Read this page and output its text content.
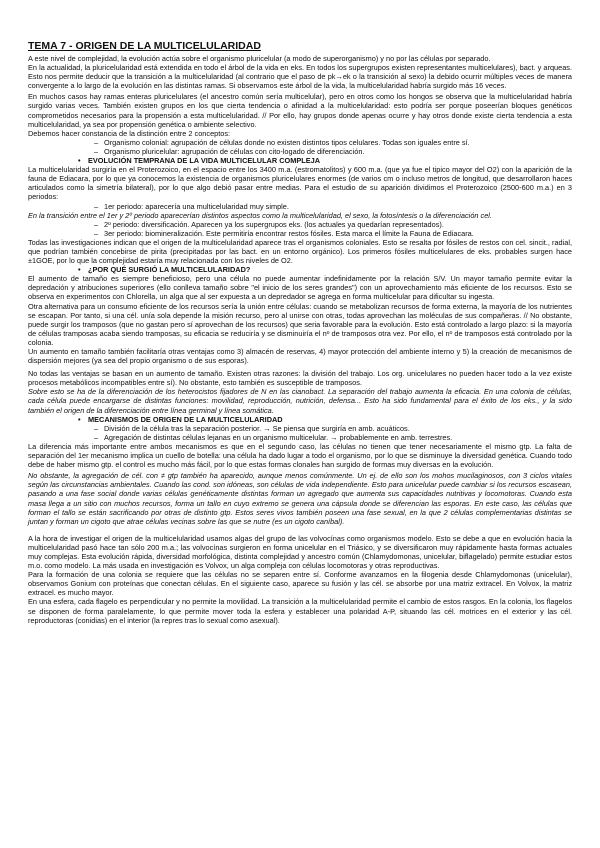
TEMA 7 - ORIGEN DE LA MULTICELULARIDAD

A este nivel de complejidad, la evolución actúa sobre el organismo pluricelular (a modo de superorganismo) y no por las células por separado.

En la actualidad, la pluricelularidad está extendida en todo el árbol de la vida en eks. En todos los supergrupos existen representantes multicelulares), bact. y arqueas. Esto nos permite deducir que la transición a la multicelularidad (al contrario que el paso de pk→ek o la transición al sexo) la debido ocurrir múltiples veces de manera convergente a lo largo de la evolución en las distintas ramas. Si observamos este árbol de la vida, la multicelularidad habría surgido más 16 veces.

En muchos casos hay ramas enteras pluricelulares (el ancestro común sería multicelular), pero en otros como los hongos se observa que la multicelularidad habría surgido varias veces. También existen grupos en los que cierta tendencia o afinidad a la multicelularidad: esto podría ser porque poseerían bloques genéticos comprometidos necesarios para la propensión a esta multicelularidad. // Por ello, hay grupos donde apenas ocurre y hay otros donde existe cierta tendencia a esta multicelularidad, ya sea por propensión genética o ambiente selectivo.

Debemos hacer constancia de la distinción entre 2 conceptos:

– Organismo colonial: agrupación de células donde no existen distintos tipos celulares. Todas son iguales entre sí.
– Organismo pluricelular: agrupación de células con cito-logado de diferenciación.
• EVOLUCIÓN TEMPRANA DE LA VIDA MULTICELULAR COMPLEJA

La multicelularidad surgiría en el Proterozoico, en el espacio entre los 3400 m.a. (estromatolitos) y 600 m.a. (que ya fue el tipico mayor del O2) con la aparición de la fauna de Ediacara, por lo que ya conocemos la existencia de organismos pluricelulares enormes (de varios cm o incluso metros de longitud, que desarrollaron haces articulados como la simetría bilateral), por lo que algo debió pasar entre medias. Para el estudio de su aparición dividimos el Proterozoico (2500-600 m.a.) en 3 periodos:

– 1er periodo: aparecería una multicelularidad muy simple.

En la transición entre el 1er y 2º periodo aparecerían distintos aspectos como la multicelularidad, el sexo, la fotosíntesis o la diferenciación cel.

– 2º periodo: diversificación. Aparecen ya los supergrupos eks. (los actuales ya quedarían representados).
– 3er periodo: biomineralización. Este permitiría encontrar restos fósiles. Esta marca el límite la Fauna de Ediacara.

Todas las investigaciones indican que el origen de la multicelularidad aparece tras el organismos coloniales. Esto se resalta por fósiles de restos con cel. sincit., radial, que podrían también concebirse de pirita (precipitadas por las bact. en un entorno orgánico). Los primeros fósiles multicelulares de eks. probables surgen hace ±1GOE, por lo que la complejidad estaría muy relacionada con los niveles de O2.

• ¿POR QUÉ SURGIÓ LA MULTICELULARIDAD?

El aumento de tamaño es siempre beneficioso, pero una célula no puede aumentar indefinidamente por la relación S/V. Un mayor tamaño permite evitar la depredación y atribuciones superiores (ello conlleva tamaño sobre "el inicio de los seres grandes") con un aprovechamiento más eficiente de los recursos. Esto se observa en experimentos con Chlorella, un alga que al ser expuesta a un depredador se agrega en forma multicelular para dificultar su ingesta.

Otra alternativa para un consumo eficiente de los recursos sería la unión entre células: cuando se metabolizan recursos de forma externa, la mayoría de los nutrientes se escapan. Por tanto, si una cél. unía sola depende la misión recurso, pero al unirse con otras, todas aprovechan las moléculas de sus compañeras. // No obstante, puede surgir los tramposos (que no gastan pero sí aprovechan de los recursos) que seria favorable para la evolución. Esto está controlado a largo plazo: si la mayoría de células tramposas acaba siendo tramposas, su eficacia se reduciría y se disminuiría el nº de tramposos otra vez. Por ello, el nº de tramposos está controlado por la colonia.

Un aumento en tamaño también facilitaría otras ventajas como 3) almacén de reservas, 4) mayor protección del ambiente interno y 5) la creación de mecanismos de dispersión mejores (ya sea del propio organismo o de sus esporas).

No todas las ventajas se basan en un aumento de tamaño. Existen otras razones: la división del trabajo. Los org. unicelulares no pueden hacer todo a la vez existe procesos metabólicos incompatibles entre sí). No obstante, esto también es susceptible de tramposos.

Sobre esto se ha de la diferenciación de los heterocistos fijadores de N en las cianobact. La separación del trabajo aumenta la eficacia. En una colonia de células, cada célula puede encargarse de distintas funciones: movilidad, reproducción, nutrición, defensa... Esto ha sido fundamental para el éxito de los eks., y la sido también el origen de la diferenciación entre línea germinal y línea somática.

• MECANISMOS DE ORIGEN DE LA MULTICELULARIDAD
– División de la célula tras la separación posterior. → Se piensa que surgiría en amb. acuáticos.
– Agregación de distintas células lejanas en un organismo multicelular. → probablemente en amb. terrestres.

La diferencia más importante entre ambos mecanismos es que en el segundo caso, las células no tienen que tener necesariamente el mismo gtp. La falta de separación del 1er mecanismo implica un cuello de botella: una célula ha dado lugar a todo el organismo, por lo que se disminuye la diversidad genética. Cuando todo debe de haber mismo gtp. el control es mucho más fácil, por lo que estas formas clonales han surgido de formas muy diversas en la evolución.

No obstante, la agregación de cél. con ≠ gtp también ha aparecido, aunque menos comúnmente. Un ej. de ello son los mohos mucilaginosos, con 3 ciclos vitales según las circunstancias ambientales. Cuando las cond. son idóneas, son células de vida independiente. Esto para unicelular puede cambiar si los recursos escasean, pasando a una fase social donde varias células genéticamente distintas forman un agregado que aumenta sus capacidades nutritivas y locomotoras. Cuando esta masa llega a un sitio con muchos recursos, forma un tallo en cuyo extremo se genera una cápsula donde se diferencian las esporas. En este caso, las células que forman el tallo se están sacrificando por otras de distinto gtp. Estos seres vivos también poseen una fase sexual, en la que 2 células complementarias distintas se juntan y forman un cigoto que atrae células vecinas sobre las que se nutre (es un cigoto caníbal).

A la hora de investigar el origen de la multicelularidad usamos algas del grupo de las volvocínas como organismos modelo. Esto se debe a que en evolución hacia la multicelularidad pasó hace tan sólo 200 m.a.; las volvocínas surgieron en forma unicelular en el Triásico, y se diversificaron muy rápidamente hasta formas actuales muy complejas. Esta evolución rápida, diversidad morfológica, distinta complejidad y ancestro común (Chlamydomonas, unicelular, biflagelado) permite estudiar estos m.o. como modelo. La más usada en investigación es Volvox, un alga compleja con células locomotoras y otras reproductivas.

Para la formación de una colonia se requiere que las células no se separen entre sí. Conforme avanzamos en la filogenia desde Chlamydomonas (unicelular), observamos Gonium con proteínas que conectan células. En el siguiente caso, aparece su fusión y las cél. se absorbe por una matriz extracel. En Volvox, la matriz extracel. es mucho mayor.

En una esfera, cada flagelo es perpendicular y no permite la movilidad. La transición a la multicelularidad permite el cambio de estos rasgos. En la colonia, los flagelos se disponen de forma paralelamente, lo que permite mover toda la esfera y establecer una polaridad A-P, situando las cél. motrices en el exterior y las cél. reproductoras (conidias) en el interior (la repres tras lo sexual como asexual).
